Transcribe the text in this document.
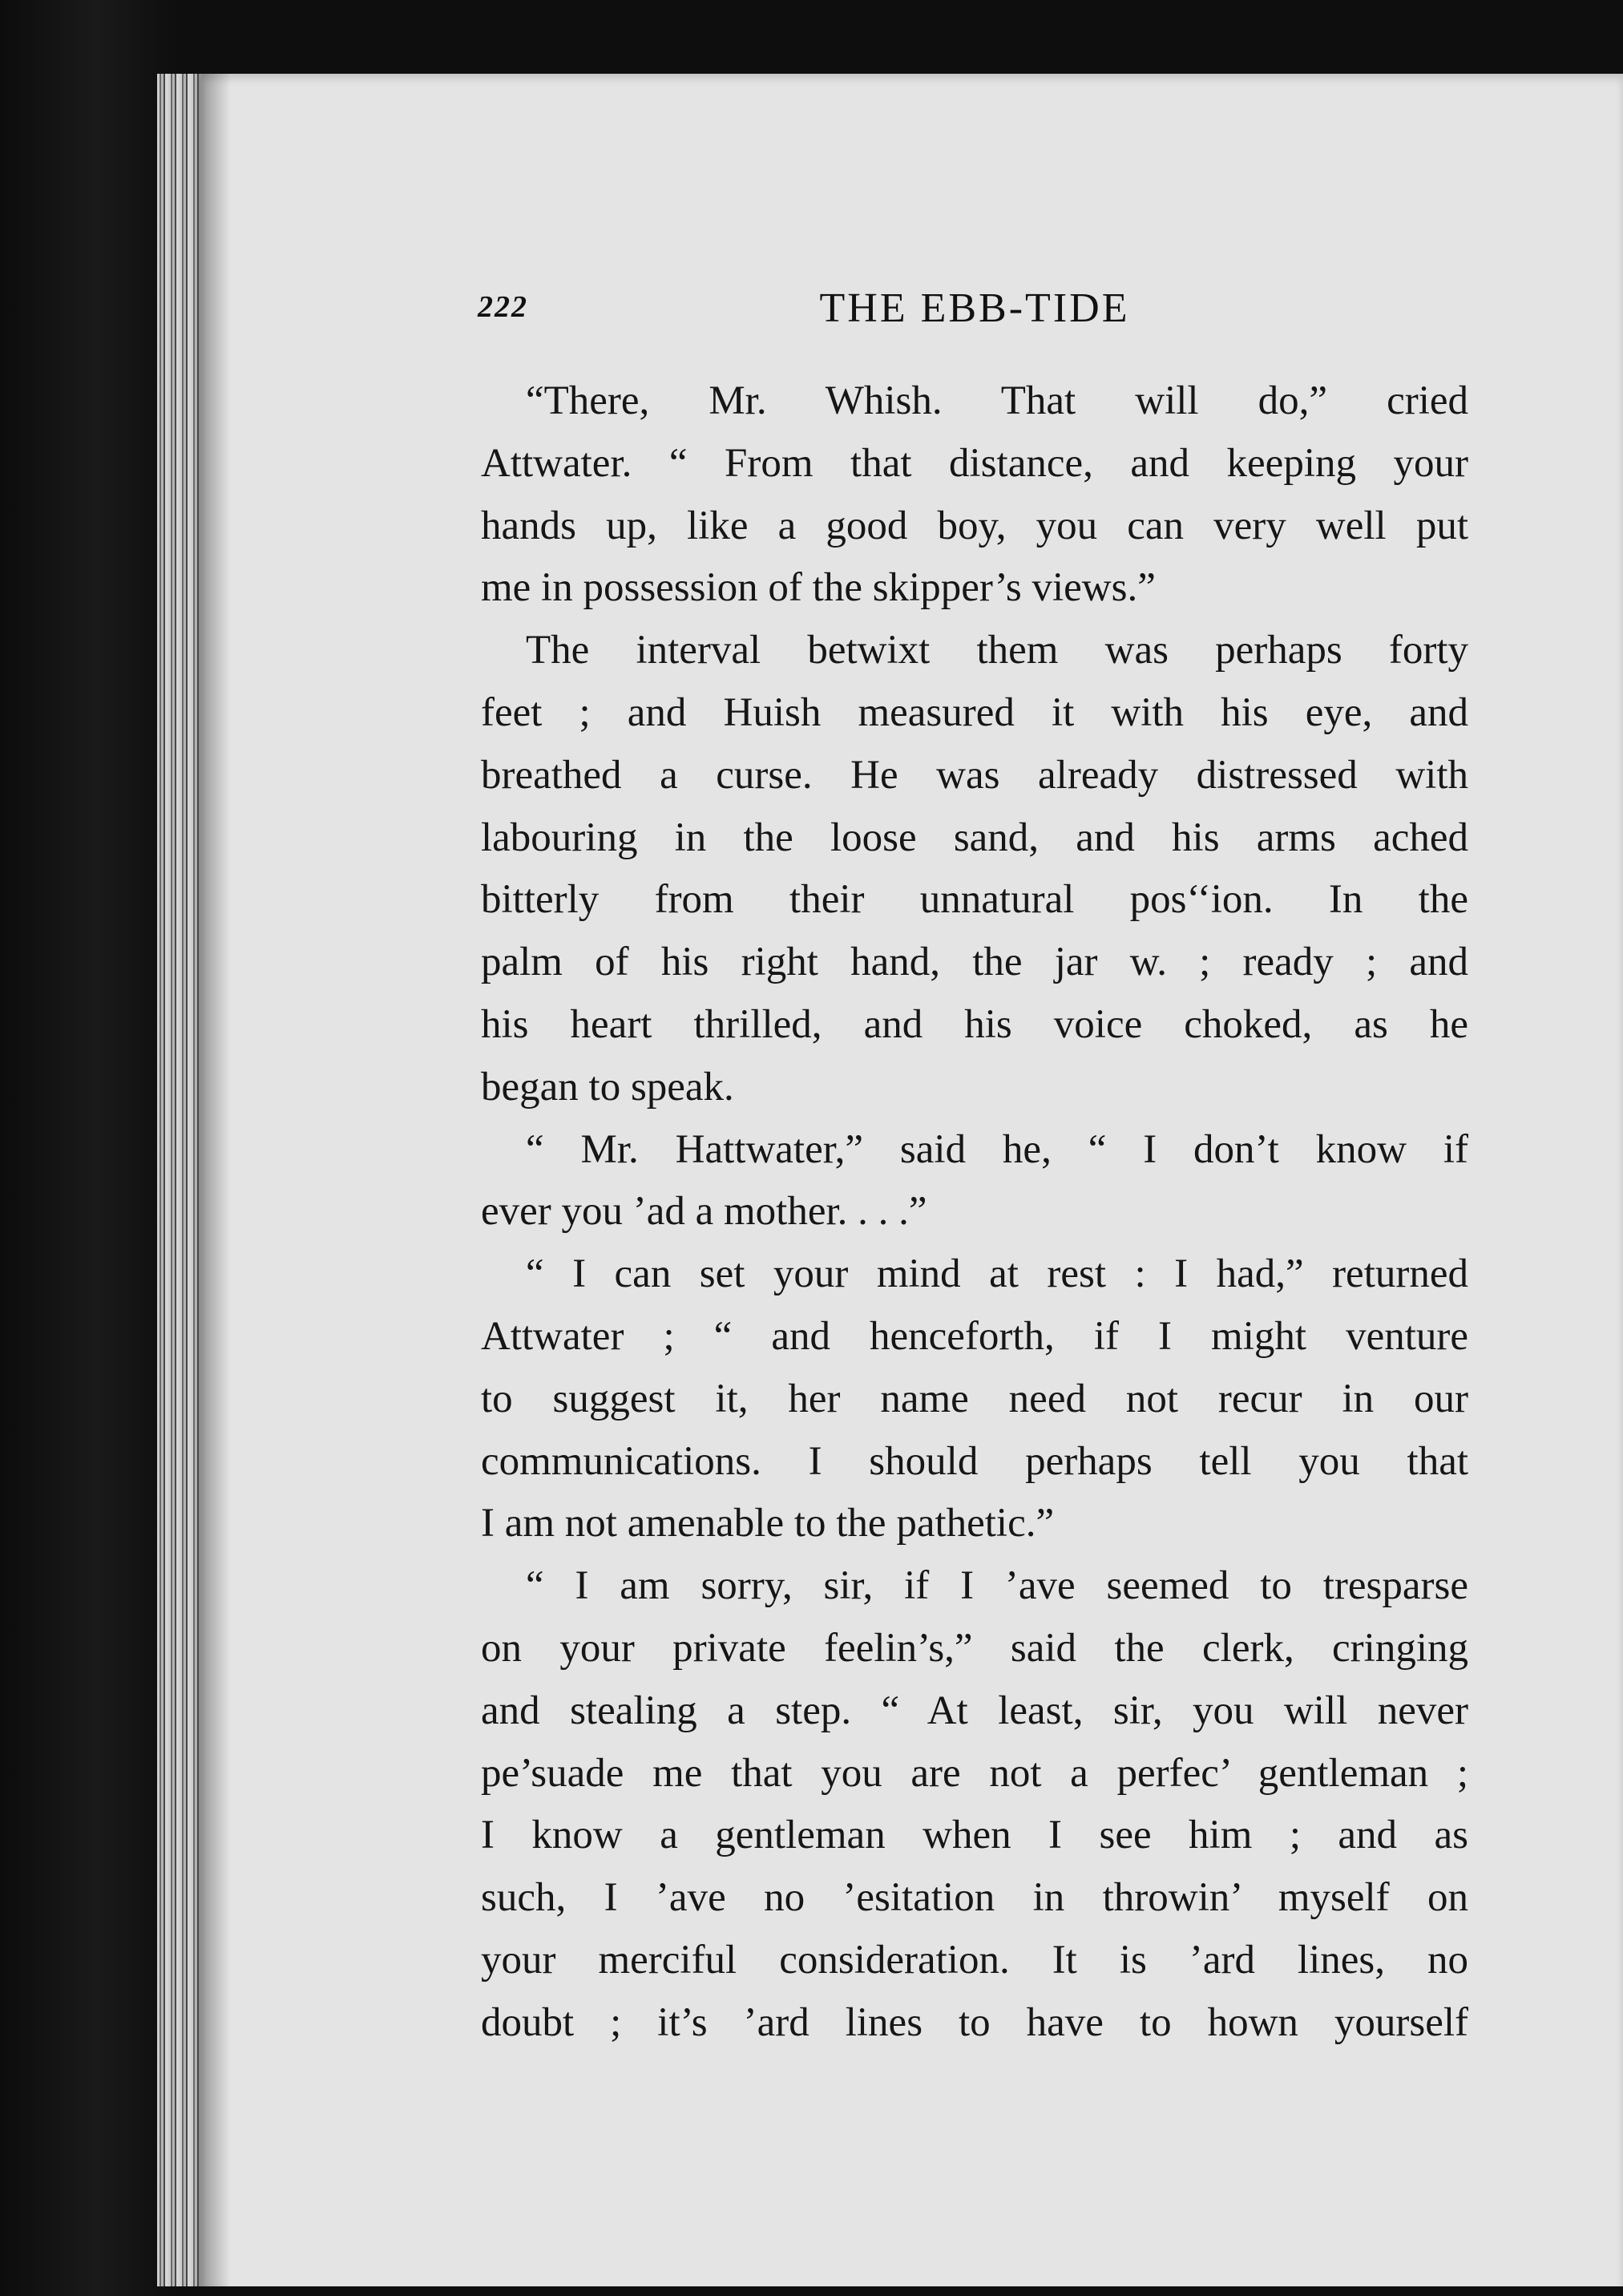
222	THE EBB-TIDE
“There, Mr. Whish. That will do,” cried
Attwater. “ From that distance, and keeping your
hands up, like a good boy, you can very well put
me in possession of the skipper’s views.”
The interval betwixt them was perhaps forty
feet ; and Huish measured it with his eye, and
breathed a curse. He was already distressed with
labouring in the loose sand, and his arms ached
bitterly from their unnatural pos‘‘ion. In the
palm of his right hand, the jar w. ; ready ; and
his heart thrilled, and his voice choked, as he
began to speak.
“ Mr. Hattwater,” said he, “ I don’t know if
ever you ’ad a mother. . . .”
“ I can set your mind at rest : I had,” returned
Attwater ; “ and henceforth, if I might venture
to suggest it, her name need not recur in our
communications. I should perhaps tell you that
I am not amenable to the pathetic.”
“ I am sorry, sir, if I ’ave seemed to tresparse
on your private feelin’s,” said the clerk, cringing
and stealing a step. “ At least, sir, you will never
pe’suade me that you are not a perfec’ gentleman ;
I know a gentleman when I see him ; and as
such, I ’ave no ’esitation in throwin’ myself on
your merciful consideration. It is ’ard lines, no
doubt ; it’s ’ard lines to have to hown yourself
